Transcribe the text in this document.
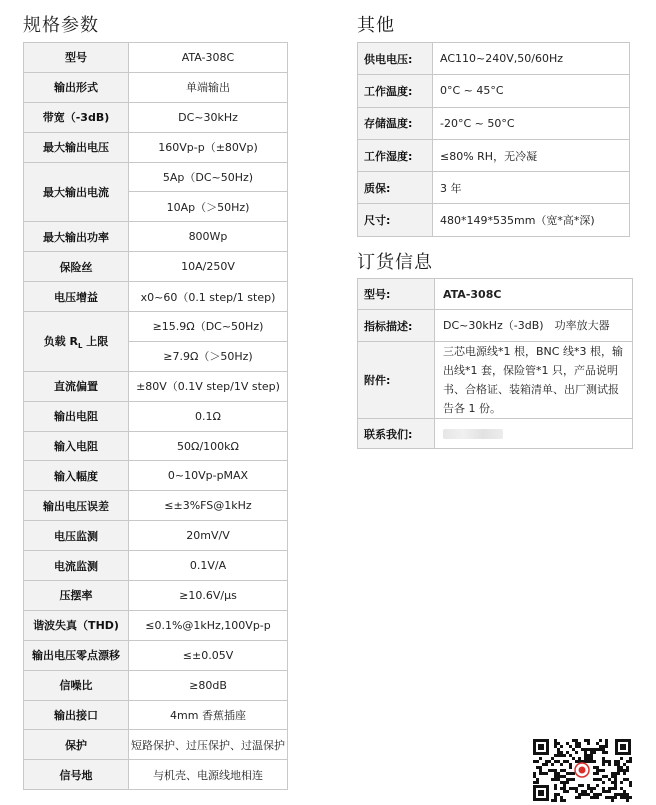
规格参数
型号	ATA-308C
输出形式	单端输出
带宽（-3dB)	DC~30kHz
最大输出电压	160Vp-p（±80Vp)
最大输出电流	5Ap（DC~50Hz)
	10Ap（＞50Hz)
最大输出功率	800Wp
保险丝	10A/250V
电压增益	x0~60（0.1 step/1 step)
负载 $R_L$ 上限	≥15.9Ω（DC~50Hz)
	≥7.9Ω（＞50Hz)
直流偏置	±80V（0.1V step/1V step)
输出电阻	0.1Ω
输入电阻	50Ω/100kΩ
输入幅度	0~10Vp-pMAX
输出电压误差	≤±3%FS@1kHz
电压监测	20mV/V
电流监测	0.1V/A
压摆率	≥10.6V/μs
谐波失真（THD)	≤0.1%@1kHz,100Vp-p
输出电压零点漂移	≤±0.05V
信噪比	≥80dB
输出接口	4mm 香蕉插座
保护	短路保护、过压保护、过温保护
信号地	与机壳、电源线地相连
其他
供电电压:	AC110~240V,50/60Hz
工作温度:	0°C ~ 45°C
存储温度:	-20°C ~ 50°C
工作湿度:	≤80% RH，无冷凝
质保:	3 年
尺寸:	480*149*535mm（宽*高*深)
订货信息
型号:	ATA-308C
指标描述:	DC~30kHz（-3dB)　功率放大器
附件:	三芯电源线*1 根，BNC 线*3 根，输出线*1 套，保险管*1 只，产品说明书、合格证、装箱清单、出厂测试报告各 1 份。
联系我们:	
